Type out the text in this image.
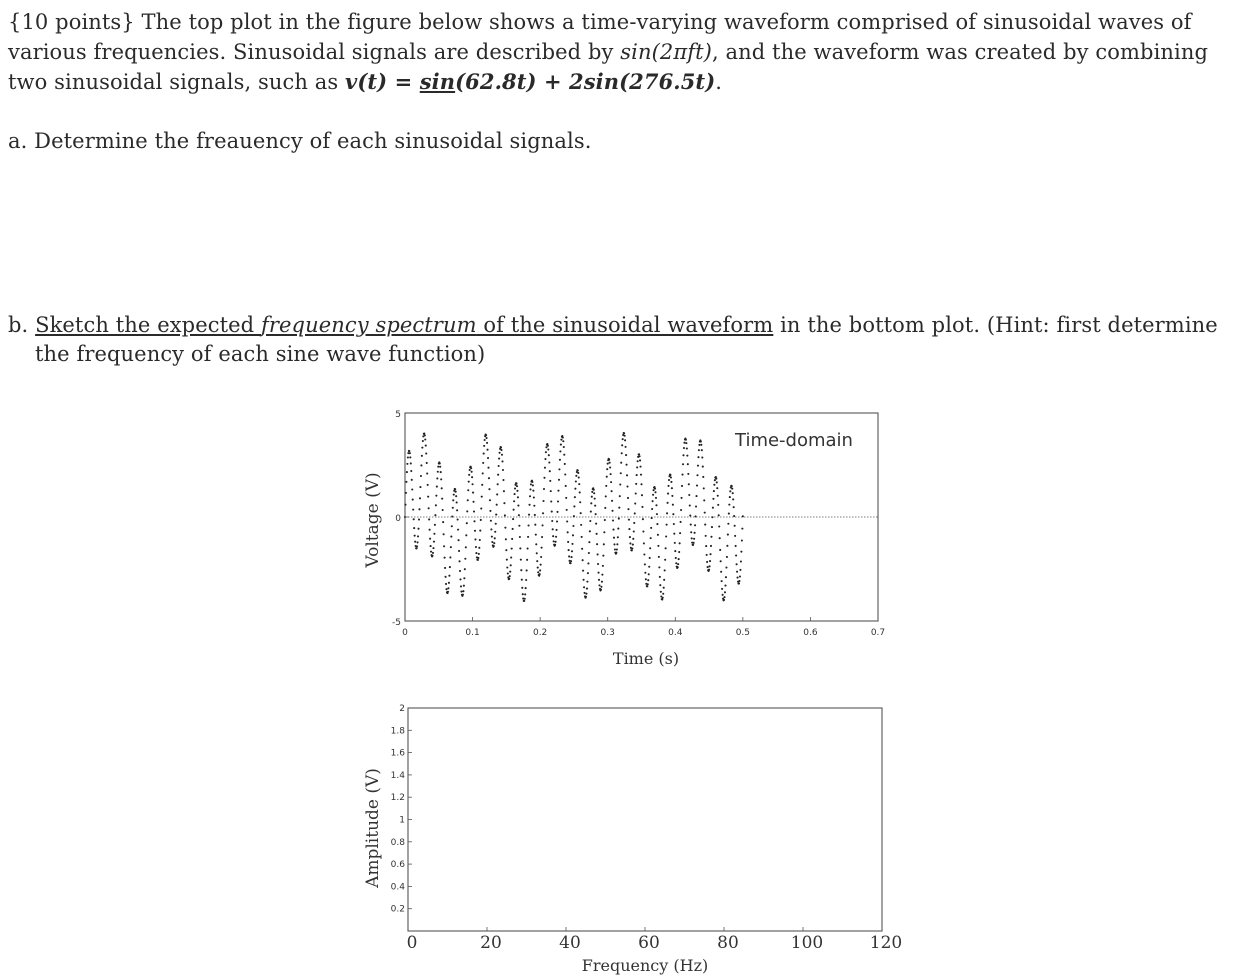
{10 points} The top plot in the figure below shows a time-varying waveform comprised of sinusoidal waves of
various frequencies. Sinusoidal signals are described by sin(2πft), and the waveform was created by combining
two sinusoidal signals, such as v(t) = sin(62.8t) + 2sin(276.5t).
a. Determine the freauency of each sinusoidal signals.
b. Sketch the expected frequency spectrum of the sinusoidal waveform in the bottom plot. (Hint: first determine
the frequency of each sine wave function)
0	0.1	0.2	0.3	0.4	0.5	0.6	0.7
5
0
-5
Time-domain
Time (s)
Voltage (V)
0	20	40	60	80	100	120
2
1.8
1.6
1.4
1.2
1
0.8
0.6
0.4
0.2
Frequency (Hz)
Amplitude (V)
